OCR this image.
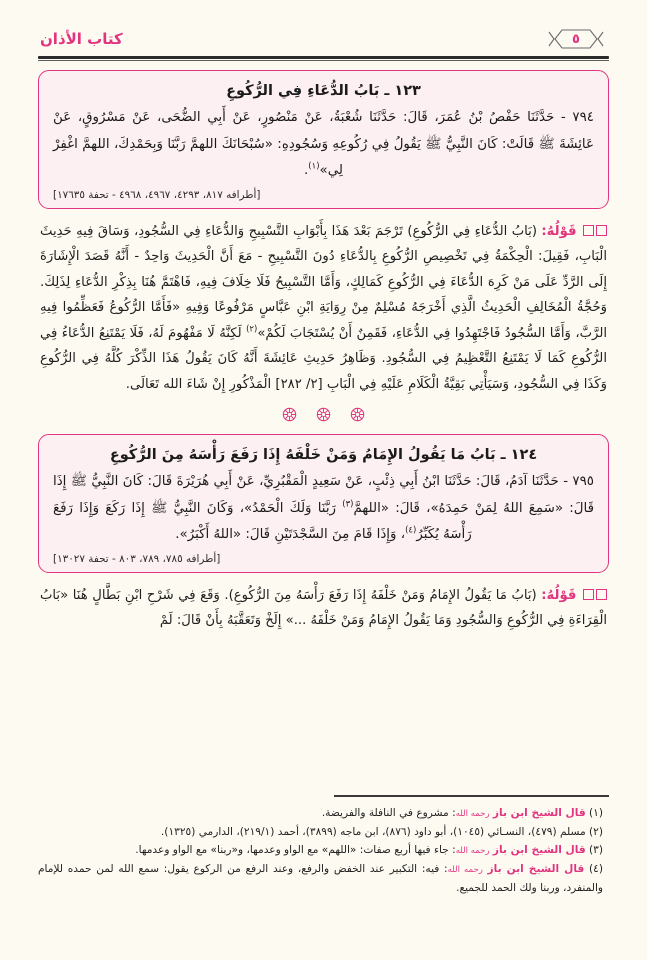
٥
كتاب الأذان
١٢٣ ـ بَابُ الدُّعَاءِ فِي الرُّكُوعِ
٧٩٤ - حَدَّثَنَا حَفْصُ بْنُ عُمَرَ، قَالَ: حَدَّثَنَا شُعْبَةُ، عَنْ مَنْصُورٍ، عَنْ أَبِي الضُّحَى، عَنْ مَسْرُوقٍ، عَنْ عَائِشَةَ ﷺ قَالَتْ: كَانَ النَّبِيُّ ﷺ يَقُولُ فِي رُكُوعِهِ وَسُجُودِهِ: «سُبْحَانَكَ اللهمَّ رَبَّنَا وَبِحَمْدِكَ، اللهمَّ اغْفِرْ لِي»$^{(١)}$.
[أطرافه ٨١٧، ٤٢٩٣، ٤٩٦٧، ٤٩٦٨ - تحفة ١٧٦٣٥]
قَوْلُهُ: (بَابُ الدُّعَاءِ فِي الرُّكُوعِ) تَرْجَمَ بَعْدَ هَذَا بِأَبْوَابِ التَّسْبِيحِ وَالدُّعَاءِ فِي السُّجُودِ، وَسَاقَ فِيهِ حَدِيثَ الْبَابِ، فَقِيلَ: الْحِكْمَةُ فِي تَخْصِيصِ الرُّكُوعِ بِالدُّعَاءِ دُونَ التَّسْبِيحِ - مَعَ أَنَّ الْحَدِيثَ وَاحِدٌ - أَنَّهُ قَصَدَ الْإِشَارَةَ إِلَى الرَّدِّ عَلَى مَنْ كَرِهَ الدُّعَاءَ فِي الرُّكُوعِ كَمَالِكٍ، وَأَمَّا التَّسْبِيحُ فَلَا خِلَافَ فِيهِ، فَاهْتَمَّ هُنَا بِذِكْرِ الدُّعَاءِ لِذَلِكَ. وَحُجَّةُ الْمُخَالِفِ الْحَدِيثُ الَّذِي أَخْرَجَهُ مُسْلِمٌ مِنْ رِوَايَةِ ابْنِ عَبَّاسٍ مَرْفُوعًا وَفِيهِ «فَأَمَّا الرُّكُوعُ فَعَظِّمُوا فِيهِ الرَّبَّ، وَأَمَّا السُّجُودُ فَاجْتَهِدُوا فِي الدُّعَاءِ، فَقَمِنٌ أَنْ يُسْتَجَابَ لَكُمْ»$^{(٢)}$ لَكِنَّهُ لَا مَفْهُومَ لَهُ، فَلَا يَمْتَنِعُ الدُّعَاءُ فِي الرُّكُوعِ كَمَا لَا يَمْتَنِعُ التَّعْظِيمُ فِي السُّجُودِ. وَظَاهِرُ حَدِيثِ عَائِشَةَ أَنَّهُ كَانَ يَقُولُ هَذَا الذِّكْرَ كُلَّهُ فِي الرُّكُوعِ وَكَذَا فِي السُّجُودِ، وَسَيَأْتِي بَقِيَّةُ الْكَلَامِ عَلَيْهِ فِي الْبَابِ [٢/ ٢٨٢] الْمَذْكُورِ إِنْ شَاءَ الله تَعَالَى.

١٢٤ ـ بَابُ مَا يَقُولُ الإِمَامُ وَمَنْ خَلْفَهُ إِذَا رَفَعَ رَأْسَهُ مِنَ الرُّكُوعِ
٧٩٥ - حَدَّثَنَا آدَمُ، قَالَ: حَدَّثَنَا ابْنُ أَبِي ذِئْبٍ، عَنْ سَعِيدٍ الْمَقْبُرِيِّ، عَنْ أَبِي هُرَيْرَةَ قَالَ: كَانَ النَّبِيُّ ﷺ إِذَا قَالَ: «سَمِعَ اللهُ لِمَنْ حَمِدَهُ»، قَالَ: «اللهمَّ$^{(٣)}$ رَبَّنَا وَلَكَ الْحَمْدُ»، وَكَانَ النَّبِيُّ ﷺ إِذَا رَكَعَ وَإِذَا رَفَعَ رَأْسَهُ يُكَبِّرُ$^{(٤)}$، وَإِذَا قَامَ مِنَ السَّجْدَتَيْنِ قَالَ: «اللهُ أَكْبَرُ».
[أطرافه ٧٨٥، ٧٨٩، ٨٠٣ - تحفة ١٣٠٢٧]
قَوْلُهُ: (بَابُ مَا يَقُولُ الإِمَامُ وَمَنْ خَلْفَهُ إِذَا رَفَعَ رَأْسَهُ مِنَ الرُّكُوعِ). وَقَعَ فِي شَرْحِ ابْنِ بَطَّالٍ هُنَا «بَابُ الْقِرَاءَةِ فِي الرُّكُوعِ وَالسُّجُودِ وَمَا يَقُولُ الإِمَامُ وَمَنْ خَلْفَهُ ...» إِلَخْ وَتَعَقَّبَهُ بِأَنْ قَالَ: لَمْ
(١) قال الشيخ ابن باز رحمه الله: مشروع في النافلة والفريضة.
(٢) مسلم (٤٧٩)، النسـائي (١٠٤٥)، أبو داود (٨٧٦)، ابن ماجه (٣٨٩٩)، أحمد (٢١٩/١)، الدارمي (١٣٢٥).
(٣) قال الشيخ ابن باز رحمه الله: جاء فيها أربع صفات: «اللهم» مع الواو وعدمها، و«ربنا» مع الواو وعدمها.
(٤) قال الشيخ ابن باز رحمه الله: فيه: التكبير عند الخفض والرفع، وعند الرفع من الركوع يقول: سمع الله لمن حمده للإمام والمنفرد، وربنا ولك الحمد للجميع.
